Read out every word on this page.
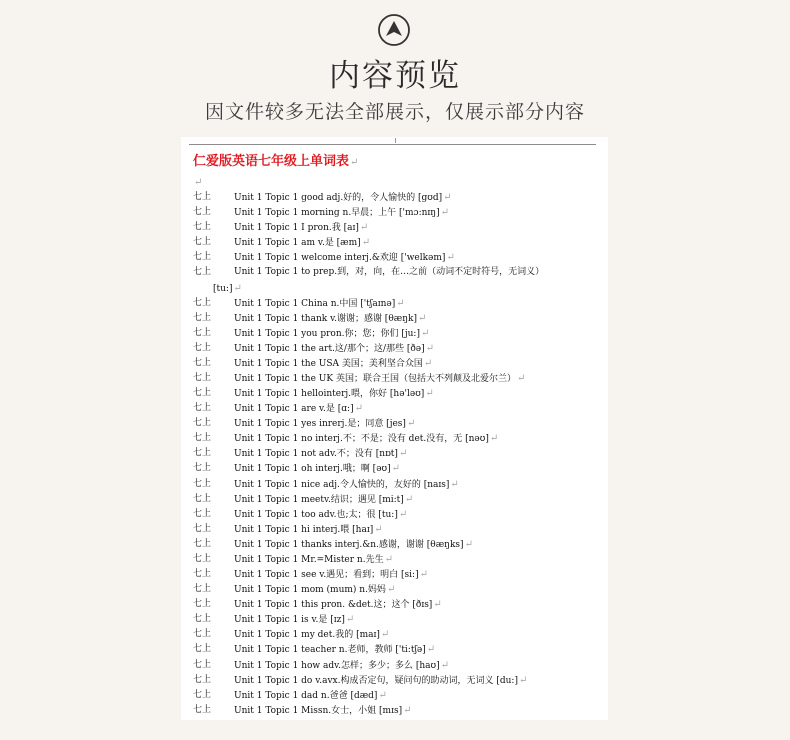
内容预览
因文件较多无法全部展示，仅展示部分内容
仁爱版英语七年级上单词表↵
↵
七上	Unit 1 Topic 1 good adj.好的，令人愉快的 [gʊd]↵
七上	Unit 1 Topic 1 morning n.早晨；上午 ['mɔ:nɪŋ]↵
七上	Unit 1 Topic 1 I pron.我 [aɪ]↵
七上	Unit 1 Topic 1 am v.是 [æm]↵
七上	Unit 1 Topic 1 welcome interj.&欢迎 ['welkəm]↵
七上	Unit 1 Topic 1 to prep.到，对，向，在…之前（动词不定时符号，无词义）
[tu:]↵
七上	Unit 1 Topic 1 China n.中国 ['tʃaɪnə]↵
七上	Unit 1 Topic 1 thank v.谢谢；感谢 [θæŋk]↵
七上	Unit 1 Topic 1 you pron.你；您；你们 [ju:]↵
七上	Unit 1 Topic 1 the art.这/那个；这/那些 [ðə]↵
七上	Unit 1 Topic 1 the USA 美国；美利坚合众国↵
七上	Unit 1 Topic 1 the UK 英国；联合王国（包括大不列颠及北爱尔兰）↵
七上	Unit 1 Topic 1 hellointerj.喂，你好 [hə'ləʊ]↵
七上	Unit 1 Topic 1 are v.是 [ɑ:]↵
七上	Unit 1 Topic 1 yes inrerj.是；同意 [jes]↵
七上	Unit 1 Topic 1 no interj.不；不是；没有 det.没有，无 [nəʊ]↵
七上	Unit 1 Topic 1 not adv.不；没有 [nɒt]↵
七上	Unit 1 Topic 1 oh interj.哦；啊 [əʊ]↵
七上	Unit 1 Topic 1 nice adj.令人愉快的，友好的 [naɪs]↵
七上	Unit 1 Topic 1 meetv.结识；遇见 [mi:t]↵
七上	Unit 1 Topic 1 too adv.也;太；很 [tu:]↵
七上	Unit 1 Topic 1 hi interj.喂 [haɪ]↵
七上	Unit 1 Topic 1 thanks interj.&n.感谢，谢谢 [θæŋks]↵
七上	Unit 1 Topic 1 Mr.=Mister n.先生↵
七上	Unit 1 Topic 1 see v.遇见；看到；明白 [si:]↵
七上	Unit 1 Topic 1 mom (mum) n.妈妈↵
七上	Unit 1 Topic 1 this pron. &det.这；这个 [ðɪs]↵
七上	Unit 1 Topic 1 is v.是 [ɪz]↵
七上	Unit 1 Topic 1 my det.我的 [maɪ]↵
七上	Unit 1 Topic 1 teacher n.老师，教师 ['ti:tʃə]↵
七上	Unit 1 Topic 1 how adv.怎样；多少；多么 [haʊ]↵
七上	Unit 1 Topic 1 do v.avx.构成否定句，疑问句的助动词，无词义 [du:]↵
七上	Unit 1 Topic 1 dad n.爸爸 [dæd]↵
七上	Unit 1 Topic 1 Missn.女士，小姐 [mɪs]↵
